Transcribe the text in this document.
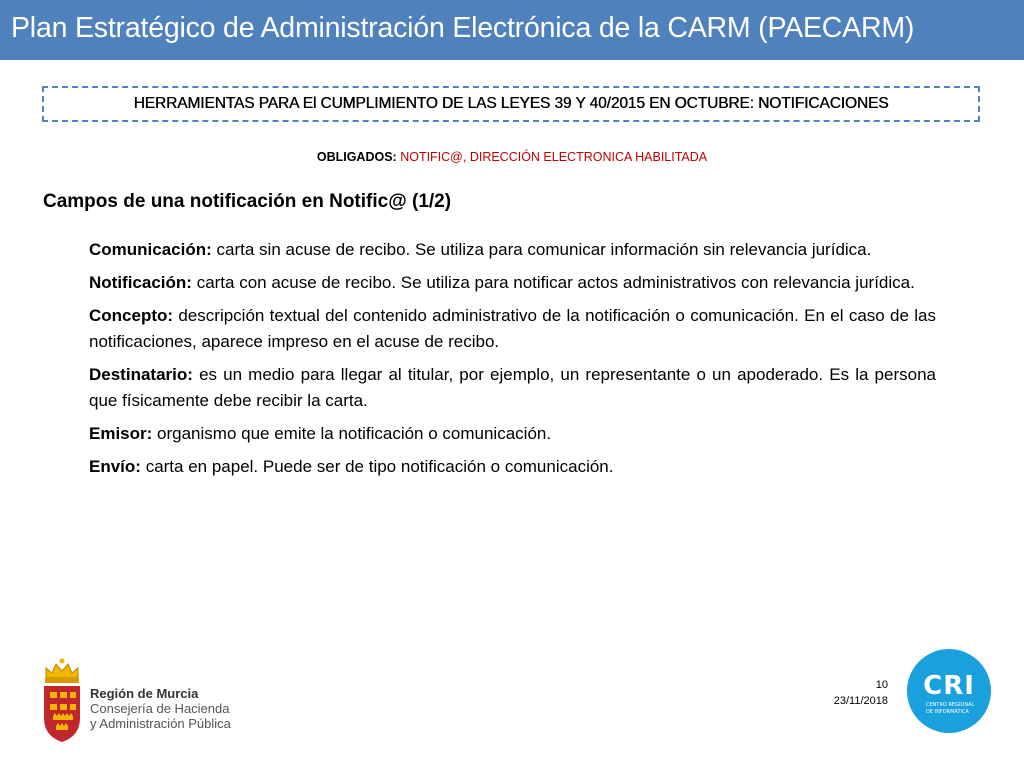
Plan Estratégico de Administración Electrónica de la CARM (PAECARM)
HERRAMIENTAS PARA El CUMPLIMIENTO DE LAS LEYES 39 Y 40/2015 EN OCTUBRE: NOTIFICACIONES
OBLIGADOS: NOTIFIC@, DIRECCIÓN ELECTRONICA HABILITADA
Campos de una notificación en Notific@ (1/2)

Comunicación: carta sin acuse de recibo. Se utiliza para comunicar información sin relevancia jurídica.

Notificación: carta con acuse de recibo. Se utiliza para notificar actos administrativos con relevancia jurídica.

Concepto: descripción textual del contenido administrativo de la notificación o comunicación. En el caso de las notificaciones, aparece impreso en el acuse de recibo.

Destinatario: es un medio para llegar al titular, por ejemplo, un representante o un apoderado. Es la persona que físicamente debe recibir la carta.

Emisor: organismo que emite la notificación o comunicación.

Envío: carta en papel. Puede ser de tipo notificación o comunicación.

Región de Murcia
Consejería de Hacienda
y Administración Pública
10
23/11/2018 CRI
CENTRO REGIONAL
DE INFORMÁTICA
